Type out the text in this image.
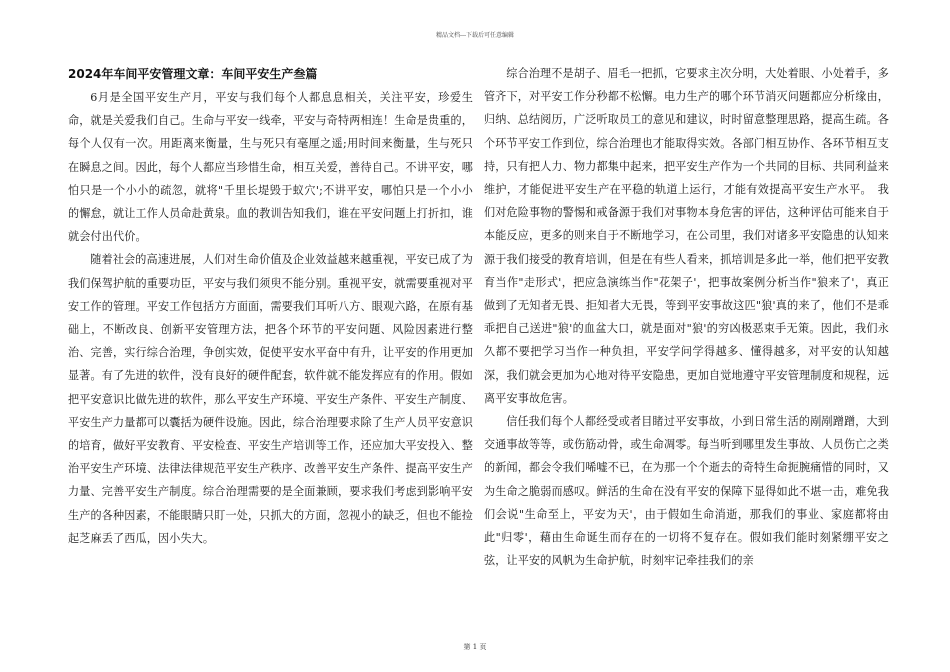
精品文档---下载后可任意编辑
2024年车间平安管理文章：车间平安生产叁篇

6月是全国平安生产月，平安与我们每个人都息息相关，关注平安，珍爱生命，就是关爱我们自己。生命与平安一线牵，平安与奇特两相连！生命是贵重的，每个人仅有一次。用距离来衡量，生与死只有毫厘之遥;用时间来衡量，生与死只在瞬息之间。因此，每个人都应当珍惜生命，相互关爱，善待自己。不讲平安，哪怕只是一个小小的疏忽，就将"千里长堤毁于蚁穴';不讲平安，哪怕只是一个小小的懈怠，就让工作人员命赴黄泉。血的教训告知我们，谁在平安问题上打折扣，谁就会付出代价。

随着社会的高速进展，人们对生命价值及企业效益越来越重视，平安已成了为我们保驾护航的重要功臣，平安与我们须臾不能分别。重视平安，就需要重视对平安工作的管理。平安工作包括方方面面，需要我们耳听八方、眼观六路，在原有基础上，不断改良、创新平安管理方法，把各个环节的平安问题、风险因素进行整治、完善，实行综合治理，争创实效，促使平安水平奋中有升，让平安的作用更加显著。有了先进的软件，没有良好的硬件配套，软件就不能发挥应有的作用。假如把平安意识比做先进的软件，那么平安生产环境、平安生产条件、平安生产制度、平安生产力量都可以囊括为硬件设施。因此，综合治理要求除了生产人员平安意识的培育，做好平安教育、平安检查、平安生产培训等工作，还应加大平安投入、整治平安生产环境、法律法律规范平安生产秩序、改善平安生产条件、提高平安生产力量、完善平安生产制度。综合治理需要的是全面兼顾，要求我们考虑到影响平安生产的各种因素，不能眼睛只盯一处，只抓大的方面，忽视小的缺乏，但也不能捡起芝麻丢了西瓜，因小失大。

综合治理不是胡子、眉毛一把抓，它要求主次分明，大处着眼、小处着手，多管齐下，对平安工作分秒都不松懈。电力生产的哪个环节消灭问题都应分析缘由，归纳、总结阅历，广泛听取员工的意见和建议，时时留意整理思路，提高生疏。各个环节平安工作到位，综合治理也才能取得实效。各部门相互协作、各环节相互支持，只有把人力、物力都集中起来，把平安生产作为一个共同的目标、共同利益来维护，才能促进平安生产在平稳的轨道上运行，才能有效提高平安生产水平。　我们对危险事物的警惕和戒备源于我们对事物本身危害的评估，这种评估可能来自于本能反应，更多的则来自于不断地学习，在公司里，我们对诸多平安隐患的认知来源于我们接受的教育培训，但是在有些人看来，抓培训是多此一举，他们把平安教育当作"走形式'，把应急演练当作"花架子'，把事故案例分析当作"狼来了'，真正做到了无知者无畏、拒知者大无畏，等到平安事故这匹"狼'真的来了，他们不是乖乖把自己送进"狼'的血盆大口，就是面对"狼'的穷凶极恶束手无策。因此，我们永久都不要把学习当作一种负担，平安学问学得越多、懂得越多，对平安的认知越深，我们就会更加为心地对待平安隐患，更加自觉地遵守平安管理制度和规程，远离平安事故危害。

信任我们每个人都经受或者目睹过平安事故，小到日常生活的剐剐蹭蹭，大到交通事故等等，或伤筋动骨，或生命凋零。每当听到哪里发生事故、人员伤亡之类的新闻，都会令我们唏嘘不已，在为那一个个逝去的奇特生命扼腕痛惜的同时，又为生命之脆弱而感叹。鲜活的生命在没有平安的保障下显得如此不堪一击，难免我们会说"生命至上，平安为天'，由于假如生命消逝，那我们的事业、家庭都将由此"归零'，藉由生命诞生而存在的一切将不复存在。假如我们能时刻紧绷平安之弦，让平安的风帆为生命护航，时刻牢记牵挂我们的亲

第 1 页
